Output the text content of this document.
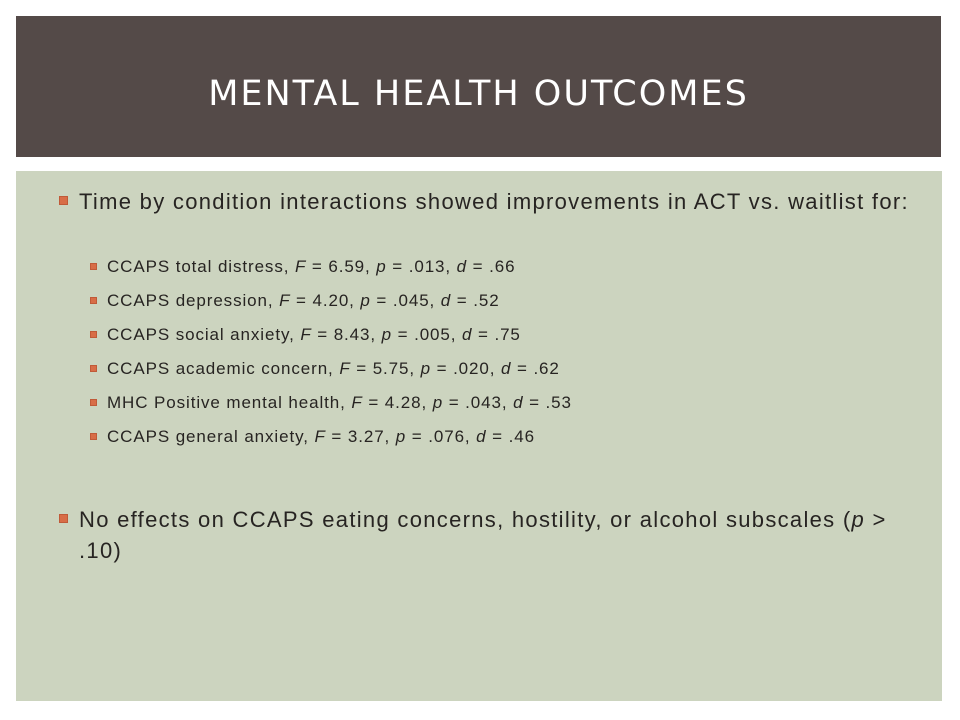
MENTAL HEALTH OUTCOMES
Time by condition interactions showed improvements in ACT vs. waitlist for:
CCAPS total distress, F = 6.59, p = .013, d = .66
CCAPS depression, F = 4.20, p = .045, d = .52
CCAPS social anxiety, F = 8.43, p = .005, d = .75
CCAPS academic concern, F = 5.75, p = .020, d = .62
MHC Positive mental health, F = 4.28, p = .043, d = .53
CCAPS general anxiety, F = 3.27, p = .076, d = .46
No effects on CCAPS eating concerns, hostility, or alcohol subscales (p > .10)
